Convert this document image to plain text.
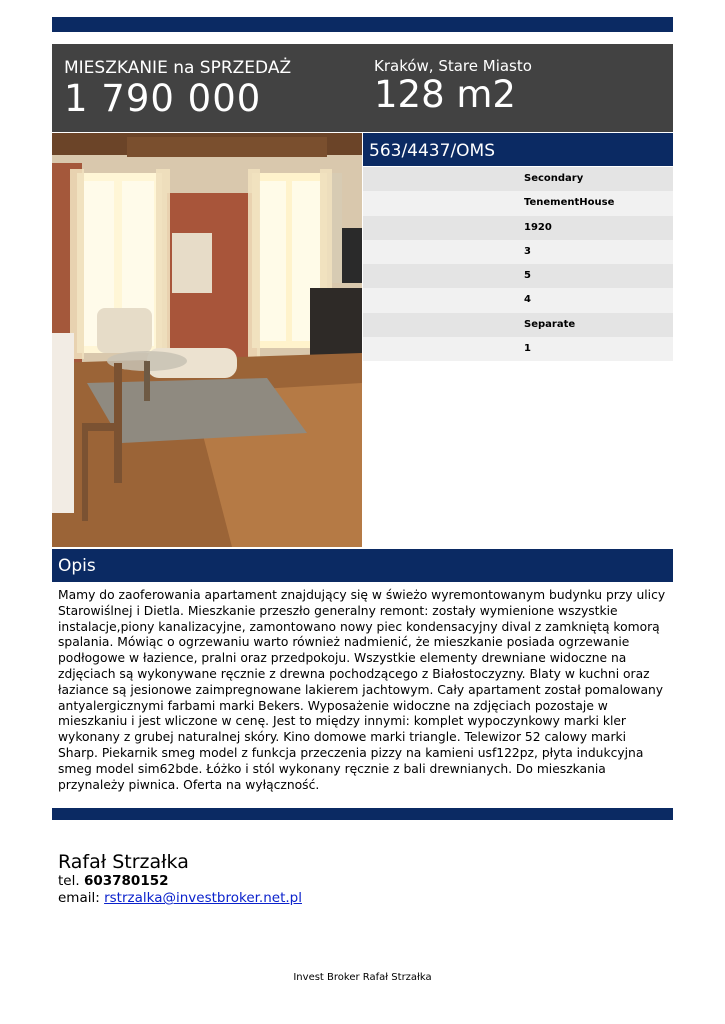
MIESZKANIE na SPRZEDAŻ
1 790 000
Kraków, Stare Miasto
128 m2
563/4437/OMS
Secondary
TenementHouse
1920
3
5
4
Separate
1
Opis
Mamy do zaoferowania apartament znajdujący się w świeżo wyremontowanym budynku przy ulicy Starowiślnej i Dietla. Mieszkanie przeszło generalny remont: zostały wymienione wszystkie instalacje,piony kanalizacyjne, zamontowano nowy piec kondensacyjny dival z zamkniętą komorą spalania. Mówiąc o ogrzewaniu warto również nadmienić, że mieszkanie posiada ogrzewanie podłogowe w łazience, pralni oraz przedpokoju. Wszystkie elementy drewniane widoczne na zdjęciach są wykonywane ręcznie z drewna pochodzącego z Białostoczyzny. Blaty w kuchni oraz łaziance są jesionowe zaimpregnowane lakierem jachtowym. Cały apartament został pomalowany antyalergicznymi farbami marki Bekers. Wyposażenie widoczne na zdjęciach pozostaje w mieszkaniu i jest wliczone w cenę. Jest to między innymi: komplet wypoczynkowy marki kler wykonany z grubej naturalnej skóry. Kino domowe marki triangle. Telewizor 52 calowy marki Sharp. Piekarnik smeg model z funkcja przeczenia pizzy na kamieni usf122pz, płyta indukcyjna smeg model sim62bde. Łóżko i stól wykonany ręcznie z bali drewnianych. Do mieszkania przynależy piwnica. Oferta na wyłączność.
Rafał Strzałka
tel. 603780152
email: rstrzalka@investbroker.net.pl
Invest Broker Rafał Strzałka
